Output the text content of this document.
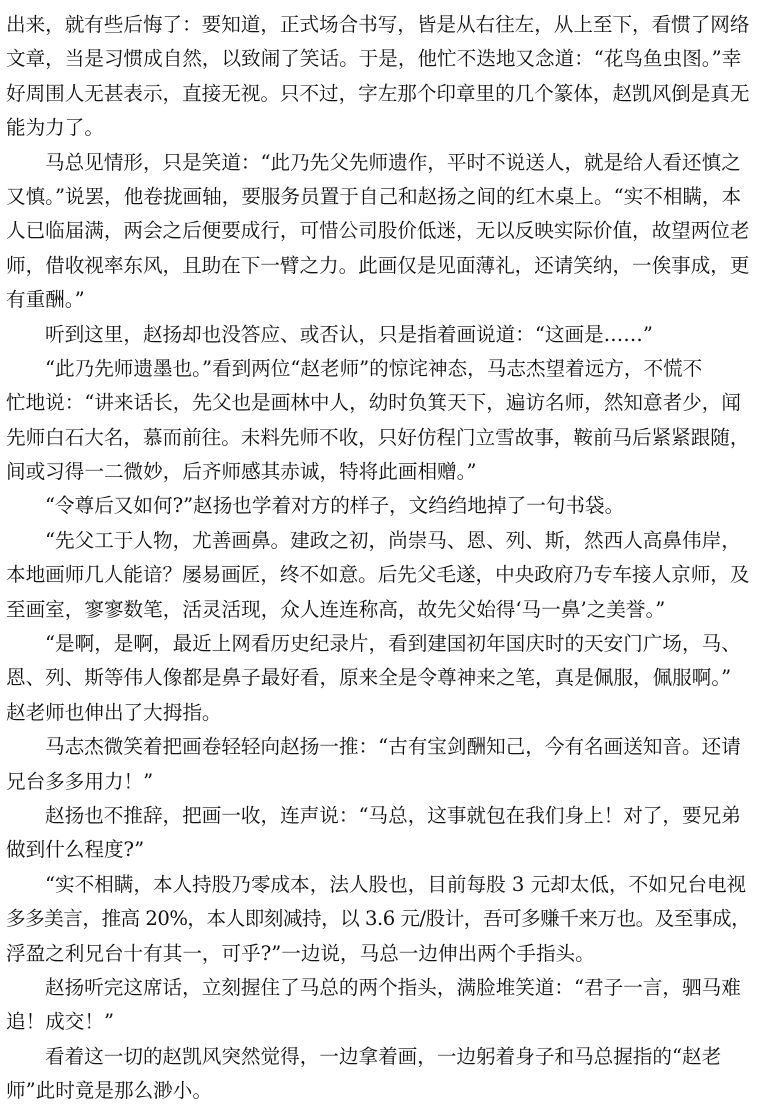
出来，就有些后悔了：要知道，正式场合书写，皆是从右往左，从上至下，看惯了网络
文章，当是习惯成自然，以致闹了笑话。于是，他忙不迭地又念道：“花鸟鱼虫图。”幸
好周围人无甚表示，直接无视。只不过，字左那个印章里的几个篆体，赵凯风倒是真无
能为力了。
马总见情形，只是笑道：“此乃先父先师遗作，平时不说送人，就是给人看还慎之
又慎。”说罢，他卷拢画轴，要服务员置于自己和赵扬之间的红木桌上。“实不相瞒，本
人已临届满，两会之后便要成行，可惜公司股价低迷，无以反映实际价值，故望两位老
师，借收视率东风，且助在下一臂之力。此画仅是见面薄礼，还请笑纳，一俟事成，更
有重酬。”
听到这里，赵扬却也没答应、或否认，只是指着画说道：“这画是……”
“此乃先师遗墨也。”看到两位“赵老师”的惊诧神态，马志杰望着远方，不慌不
忙地说：“讲来话长，先父也是画林中人，幼时负箕天下，遍访名师，然知意者少，闻
先师白石大名，慕而前往。未料先师不收，只好仿程门立雪故事，鞍前马后紧紧跟随，
间或习得一二微妙，后齐师感其赤诚，特将此画相赠。”
“令尊后又如何?”赵扬也学着对方的样子，文绉绉地掉了一句书袋。
“先父工于人物，尤善画鼻。建政之初，尚崇马、恩、列、斯，然西人高鼻伟岸，
本地画师几人能谙？屡易画匠，终不如意。后先父毛遂，中央政府乃专车接人京师，及
至画室，寥寥数笔，活灵活现，众人连连称高，故先父始得‘马一鼻’之美誉。”
“是啊，是啊，最近上网看历史纪录片，看到建国初年国庆时的天安门广场，马、
恩、列、斯等伟人像都是鼻子最好看，原来全是令尊神来之笔，真是佩服，佩服啊。”
赵老师也伸出了大拇指。
马志杰微笑着把画卷轻轻向赵扬一推：“古有宝剑酬知己，今有名画送知音。还请
兄台多多用力！”
赵扬也不推辞，把画一收，连声说：“马总，这事就包在我们身上！对了，要兄弟
做到什么程度?”
“实不相瞒，本人持股乃零成本，法人股也，目前每股 3 元却太低，不如兄台电视
多多美言，推高 20%，本人即刻减持，以 3.6 元/股计，吾可多赚千来万也。及至事成，
浮盈之利兄台十有其一，可乎?”一边说，马总一边伸出两个手指头。
赵扬听完这席话，立刻握住了马总的两个指头，满脸堆笑道：“君子一言，驷马难
追！成交！”
看着这一切的赵凯风突然觉得，一边拿着画，一边躬着身子和马总握指的“赵老
师”此时竟是那么渺小。
